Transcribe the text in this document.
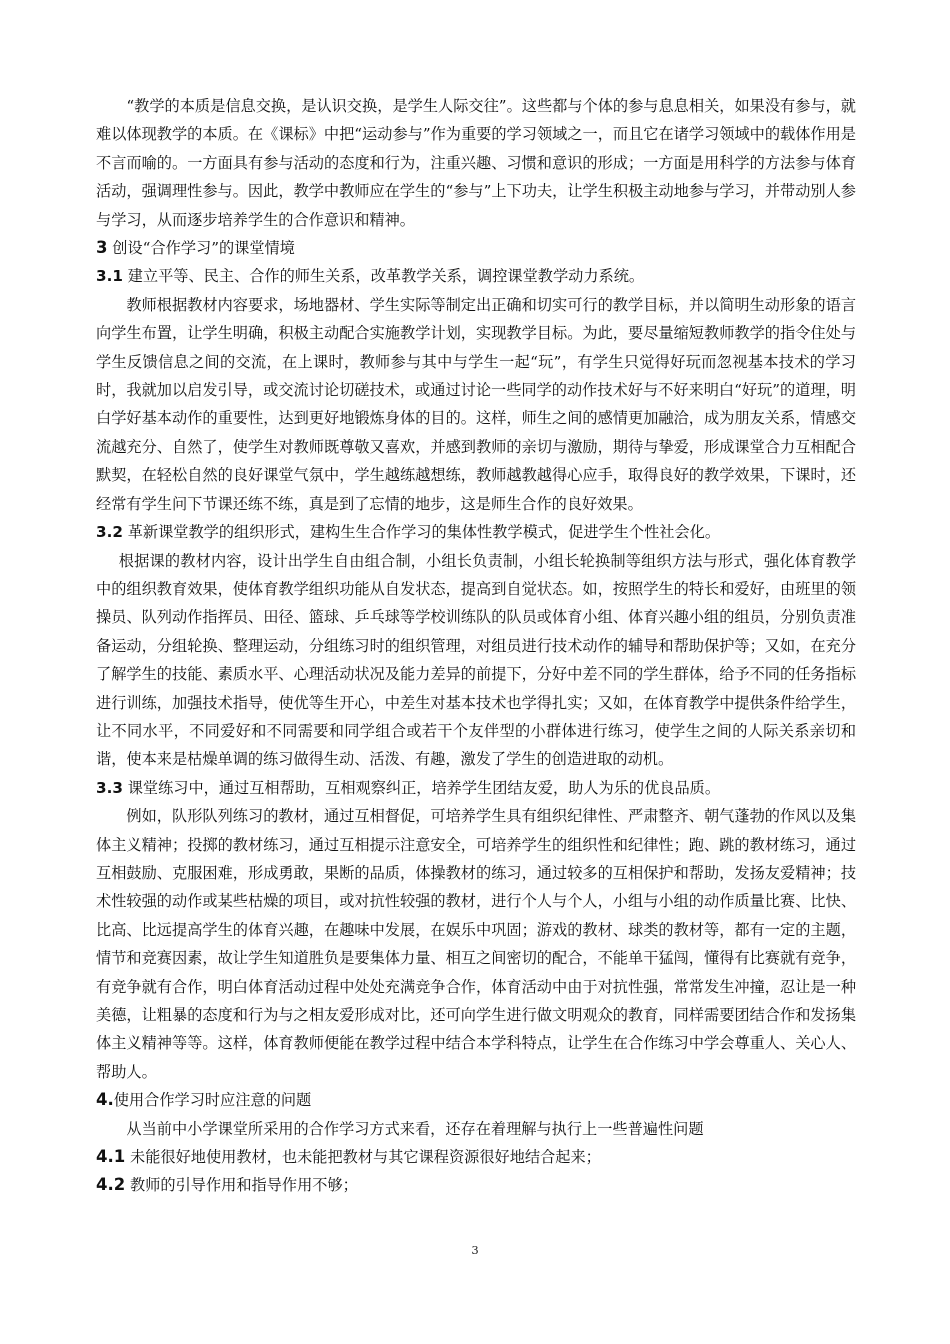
“教学的本质是信息交换，是认识交换，是学生人际交往”。这些都与个体的参与息息相关，如果没有参与，就难以体现教学的本质。在《课标》中把“运动参与”作为重要的学习领域之一，而且它在诸学习领域中的载体作用是不言而喻的。一方面具有参与活动的态度和行为，注重兴趣、习惯和意识的形成；一方面是用科学的方法参与体育活动，强调理性参与。因此，教学中教师应在学生的“参与”上下功夫，让学生积极主动地参与学习，并带动别人参与学习，从而逐步培养学生的合作意识和精神。

3 创设“合作学习”的课堂情境

3.1 建立平等、民主、合作的师生关系，改革教学关系，调控课堂教学动力系统。

教师根据教材内容要求，场地器材、学生实际等制定出正确和切实可行的教学目标，并以简明生动形象的语言向学生布置，让学生明确，积极主动配合实施教学计划，实现教学目标。为此，要尽量缩短教师教学的指令住处与学生反馈信息之间的交流，在上课时，教师参与其中与学生一起“玩”，有学生只觉得好玩而忽视基本技术的学习时，我就加以启发引导，或交流讨论切磋技术，或通过讨论一些同学的动作技术好与不好来明白“好玩”的道理，明白学好基本动作的重要性，达到更好地锻炼身体的目的。这样，师生之间的感情更加融洽，成为朋友关系，情感交流越充分、自然了，使学生对教师既尊敬又喜欢，并感到教师的亲切与激励，期待与挚爱，形成课堂合力互相配合默契，在轻松自然的良好课堂气氛中，学生越练越想练，教师越教越得心应手，取得良好的教学效果，下课时，还经常有学生问下节课还练不练，真是到了忘情的地步，这是师生合作的良好效果。

3.2 革新课堂教学的组织形式，建构生生合作学习的集体性教学模式，促进学生个性社会化。

根据课的教材内容，设计出学生自由组合制，小组长负责制，小组长轮换制等组织方法与形式，强化体育教学中的组织教育效果，使体育教学组织功能从自发状态，提高到自觉状态。如，按照学生的特长和爱好，由班里的领操员、队列动作指挥员、田径、篮球、乒乓球等学校训练队的队员或体育小组、体育兴趣小组的组员，分别负责准备运动，分组轮换、整理运动，分组练习时的组织管理，对组员进行技术动作的辅导和帮助保护等；又如，在充分了解学生的技能、素质水平、心理活动状况及能力差异的前提下，分好中差不同的学生群体，给予不同的任务指标进行训练，加强技术指导，使优等生开心，中差生对基本技术也学得扎实；又如，在体育教学中提供条件给学生，让不同水平，不同爱好和不同需要和同学组合或若干个友伴型的小群体进行练习，使学生之间的人际关系亲切和谐，使本来是枯燥单调的练习做得生动、活泼、有趣，激发了学生的创造进取的动机。

3.3 课堂练习中，通过互相帮助，互相观察纠正，培养学生团结友爱，助人为乐的优良品质。

例如，队形队列练习的教材，通过互相督促，可培养学生具有组织纪律性、严肃整齐、朝气蓬勃的作风以及集体主义精神；投掷的教材练习，通过互相提示注意安全，可培养学生的组织性和纪律性；跑、跳的教材练习，通过互相鼓励、克服困难，形成勇敢，果断的品质，体操教材的练习，通过较多的互相保护和帮助，发扬友爱精神；技术性较强的动作或某些枯燥的项目，或对抗性较强的教材，进行个人与个人，小组与小组的动作质量比赛、比快、比高、比远提高学生的体育兴趣，在趣味中发展，在娱乐中巩固；游戏的教材、球类的教材等，都有一定的主题，情节和竞赛因素，故让学生知道胜负是要集体力量、相互之间密切的配合，不能单干猛闯，懂得有比赛就有竞争，有竞争就有合作，明白体育活动过程中处处充满竞争合作，体育活动中由于对抗性强，常常发生冲撞，忍让是一种美德，让粗暴的态度和行为与之相友爱形成对比，还可向学生进行做文明观众的教育，同样需要团结合作和发扬集体主义精神等等。这样，体育教师便能在教学过程中结合本学科特点，让学生在合作练习中学会尊重人、关心人、帮助人。

4.使用合作学习时应注意的问题

从当前中小学课堂所采用的合作学习方式来看，还存在着理解与执行上一些普遍性问题

4.1 未能很好地使用教材，也未能把教材与其它课程资源很好地结合起来；

4.2 教师的引导作用和指导作用不够；

3
